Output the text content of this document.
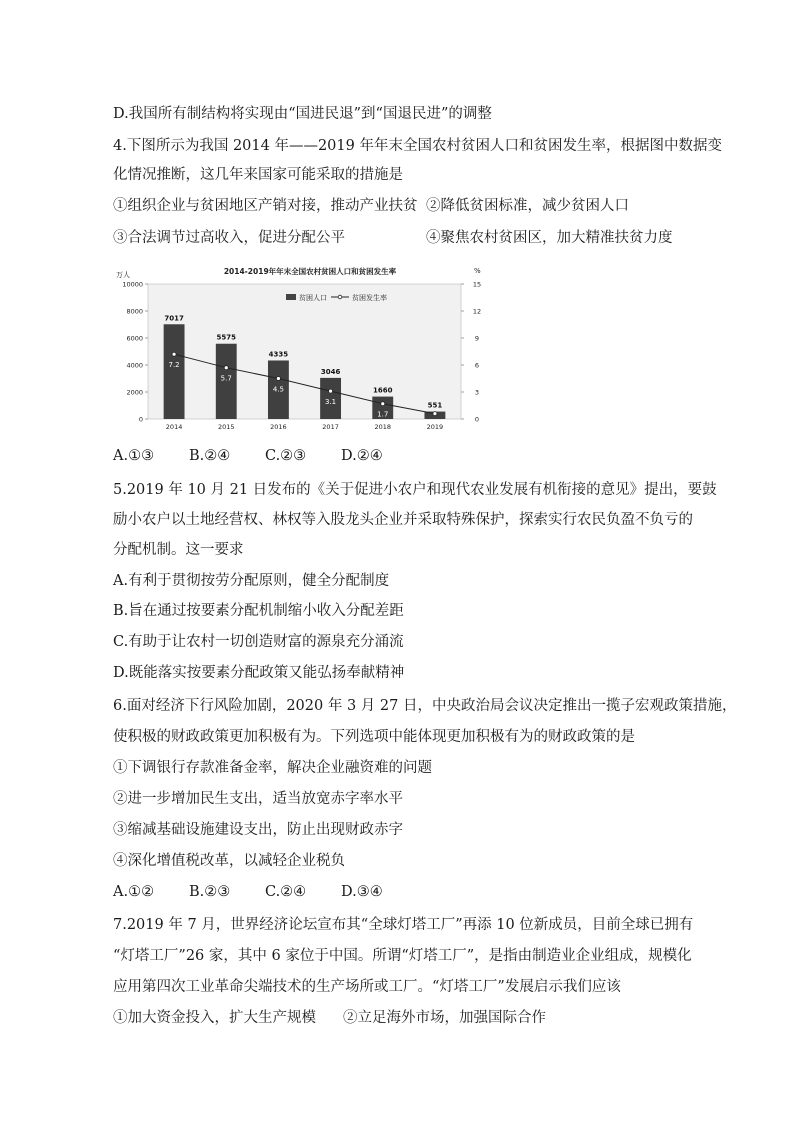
D.我国所有制结构将实现由“国进民退”到“国退民进”的调整
4.下图所示为我国 2014 年——2019 年年末全国农村贫困人口和贫困发生率，根据图中数据变
化情况推断，这几年来国家可能采取的措施是
①组织企业与贫困地区产销对接，推动产业扶贫 ②降低贫困标准，减少贫困人口
③合法调节过高收入，促进分配公平	④聚焦农村贫困区，加大精准扶贫力度
2014-2019年年末全国农村贫困人口和贫困发生率
万人	%
贫困人口	贫困发生率
0
2000
4000
6000
8000
10000
0
3
6
9
12
15
7017
2014
5575
2015
4335
2016
3046
2017
1660
2018
551
2019
7.2
5.7
4.5
3.1
1.7
A.①③ B.②④ C.②③ D.②④
5.2019 年 10 月 21 日发布的《关于促进小农户和现代农业发展有机衔接的意见》提出，要鼓
励小农户以土地经营权、林权等入股龙头企业并采取特殊保护，探索实行农民负盈不负亏的
分配机制。这一要求
A.有利于贯彻按劳分配原则，健全分配制度
B.旨在通过按要素分配机制缩小收入分配差距
C.有助于让农村一切创造财富的源泉充分涌流
D.既能落实按要素分配政策又能弘扬奉献精神
6.面对经济下行风险加剧，2020 年 3 月 27 日，中央政治局会议决定推出一揽子宏观政策措施，
使积极的财政政策更加积极有为。下列选项中能体现更加积极有为的财政政策的是
①下调银行存款准备金率，解决企业融资难的问题
②进一步增加民生支出，适当放宽赤字率水平
③缩减基础设施建设支出，防止出现财政赤字
④深化增值税改革，以减轻企业税负
A.①② B.②③ C.②④ D.③④
7.2019 年 7 月，世界经济论坛宣布其“全球灯塔工厂”再添 10 位新成员，目前全球已拥有
“灯塔工厂”26 家，其中 6 家位于中国。所谓“灯塔工厂”，是指由制造业企业组成，规模化
应用第四次工业革命尖端技术的生产场所或工厂。“灯塔工厂”发展启示我们应该
①加大资金投入，扩大生产规模 ②立足海外市场，加强国际合作
